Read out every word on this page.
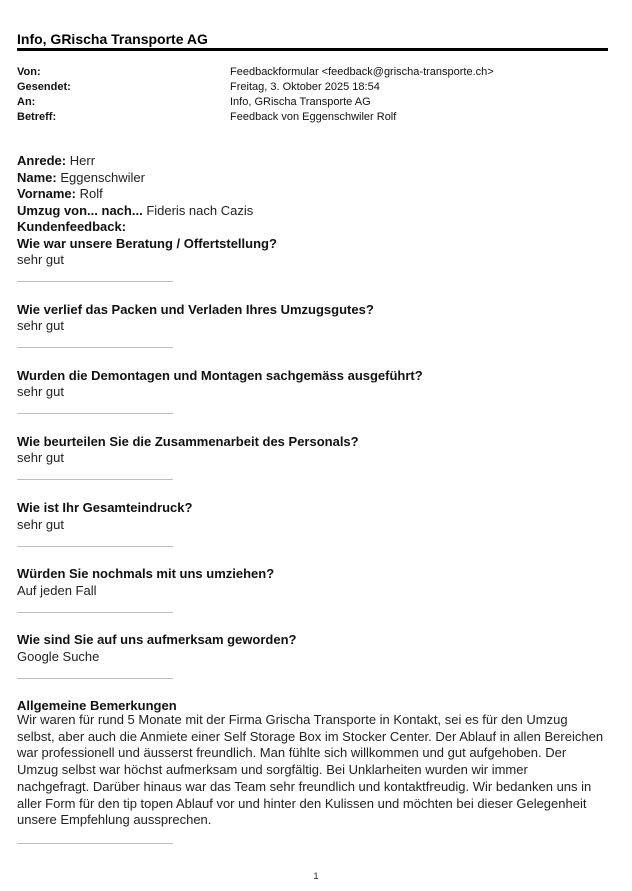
Info, GRischa Transporte AG
Von:	Feedbackformular <feedback@grischa-transporte.ch>
Gesendet:	Freitag, 3. Oktober 2025 18:54
An:	Info, GRischa Transporte AG
Betreff:	Feedback von Eggenschwiler Rolf
Anrede: Herr
Name: Eggenschwiler
Vorname: Rolf
Umzug von... nach... Fideris nach Cazis
Kundenfeedback:
Wie war unsere Beratung / Offertstellung?
sehr gut
Wie verlief das Packen und Verladen Ihres Umzugsgutes?
sehr gut
Wurden die Demontagen und Montagen sachgemäss ausgeführt?
sehr gut
Wie beurteilen Sie die Zusammenarbeit des Personals?
sehr gut
Wie ist Ihr Gesamteindruck?
sehr gut
Würden Sie nochmals mit uns umziehen?
Auf jeden Fall
Wie sind Sie auf uns aufmerksam geworden?
Google Suche
Allgemeine Bemerkungen
Wir waren für rund 5 Monate mit der Firma Grischa Transporte in Kontakt, sei es für den Umzug
selbst, aber auch die Anmiete einer Self Storage Box im Stocker Center. Der Ablauf in allen Bereichen
war professionell und äusserst freundlich. Man fühlte sich willkommen und gut aufgehoben. Der
Umzug selbst war höchst aufmerksam und sorgfältig. Bei Unklarheiten wurden wir immer
nachgefragt. Darüber hinaus war das Team sehr freundlich und kontaktfreudig. Wir bedanken uns in
aller Form für den tip topen Ablauf vor und hinter den Kulissen und möchten bei dieser Gelegenheit
unsere Empfehlung aussprechen.
1
